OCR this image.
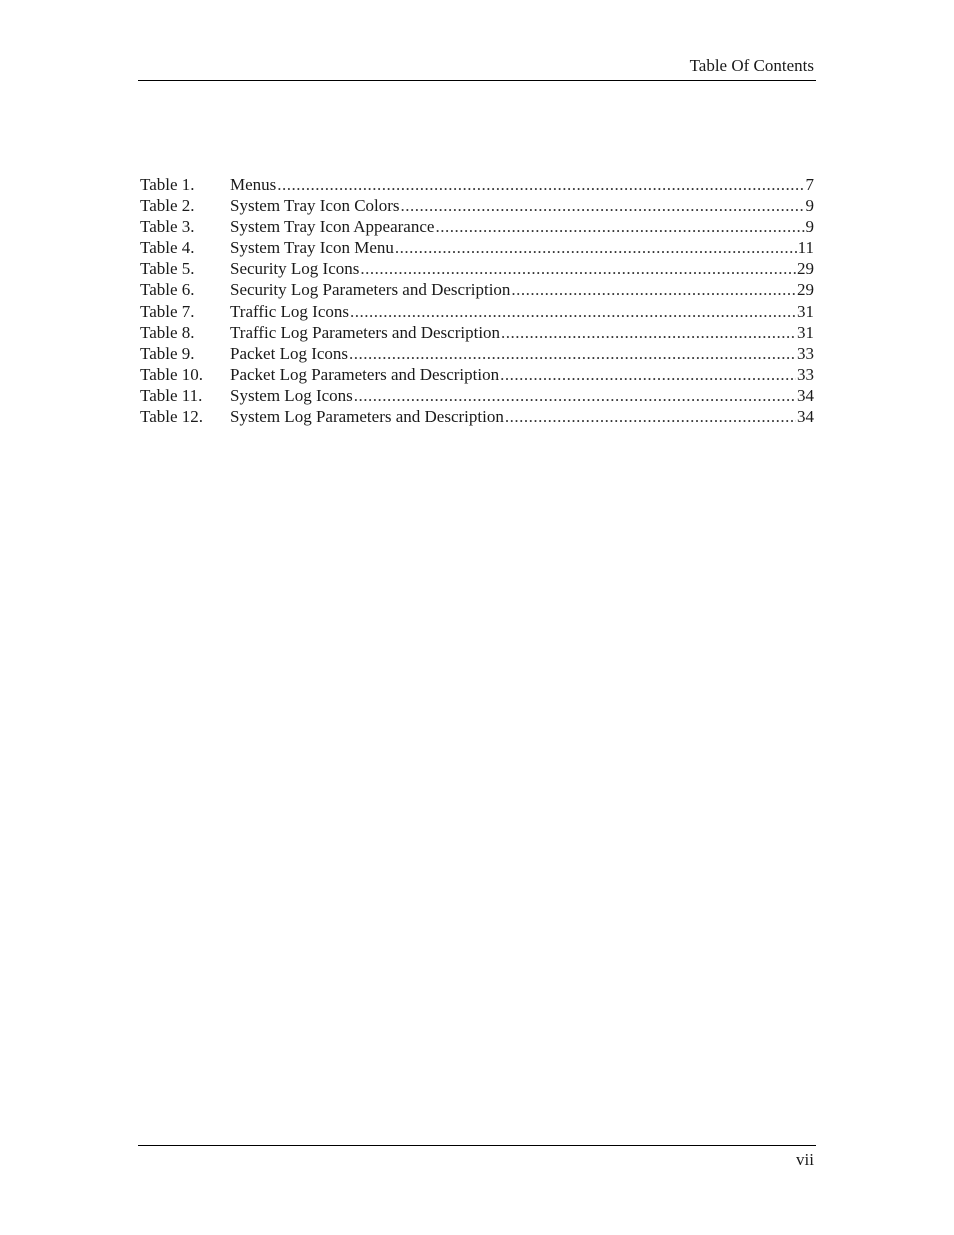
Table Of Contents
Table 1.	Menus .....	7
Table 2.	System Tray Icon Colors .....	9
Table 3.	System Tray Icon Appearance .....	9
Table 4.	System Tray Icon Menu .....	11
Table 5.	Security Log Icons .....	29
Table 6.	Security Log Parameters and Description .....	29
Table 7.	Traffic Log Icons .....	31
Table 8.	Traffic Log Parameters and Description .....	31
Table 9.	Packet Log Icons .....	33
Table 10.	Packet Log Parameters and Description .....	33
Table 11.	System Log Icons .....	34
Table 12.	System Log Parameters and Description .....	34
vii
